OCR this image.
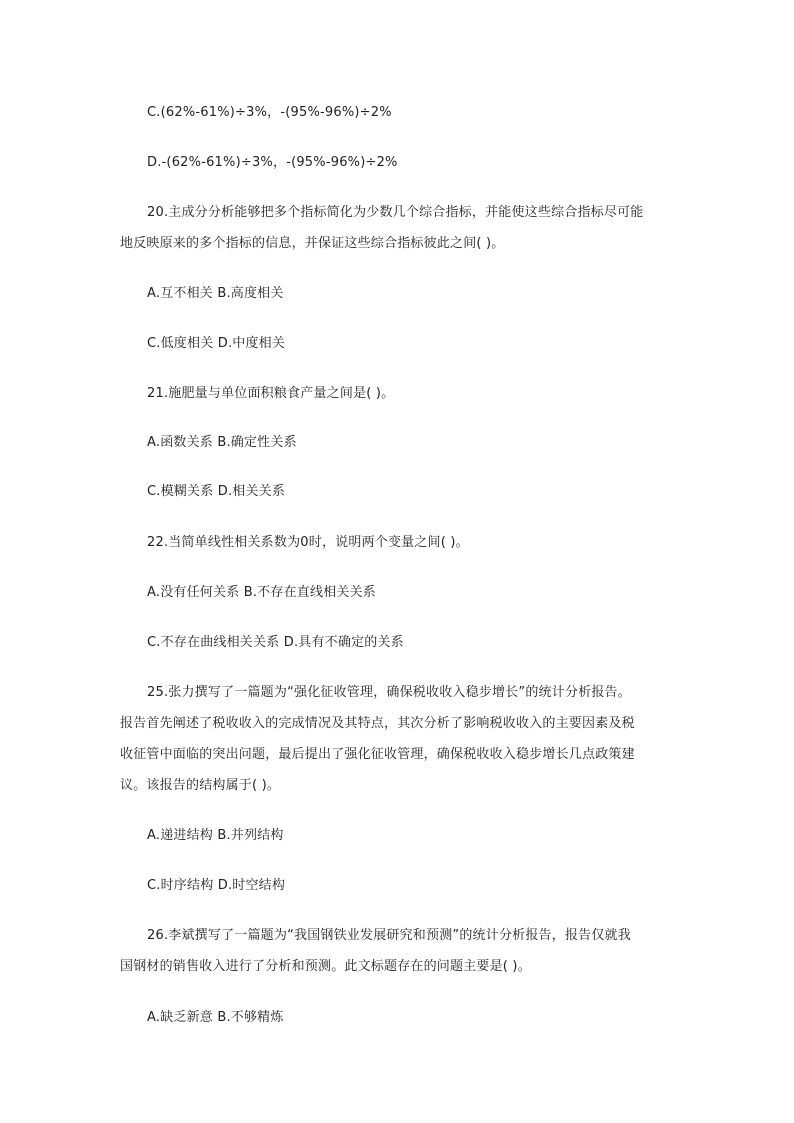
C.(62%-61%)÷3%，-(95%-96%)÷2%
D.-(62%-61%)÷3%，-(95%-96%)÷2%
20.主成分分析能够把多个指标简化为少数几个综合指标，并能使这些综合指标尽可能
地反映原来的多个指标的信息，并保证这些综合指标彼此之间( )。
A.互不相关 B.高度相关
C.低度相关 D.中度相关
21.施肥量与单位面积粮食产量之间是( )。
A.函数关系 B.确定性关系
C.模糊关系 D.相关关系
22.当简单线性相关系数为0时，说明两个变量之间( )。
A.没有任何关系 B.不存在直线相关关系
C.不存在曲线相关关系 D.具有不确定的关系
25.张力撰写了一篇题为“强化征收管理，确保税收收入稳步增长”的统计分析报告。
报告首先阐述了税收收入的完成情况及其特点，其次分析了影响税收收入的主要因素及税
收征管中面临的突出问题，最后提出了强化征收管理，确保税收收入稳步增长几点政策建
议。该报告的结构属于( )。
A.递进结构 B.并列结构
C.时序结构 D.时空结构
26.李斌撰写了一篇题为“我国钢铁业发展研究和预测”的统计分析报告，报告仅就我
国钢材的销售收入进行了分析和预测。此文标题存在的问题主要是( )。
A.缺乏新意 B.不够精炼
